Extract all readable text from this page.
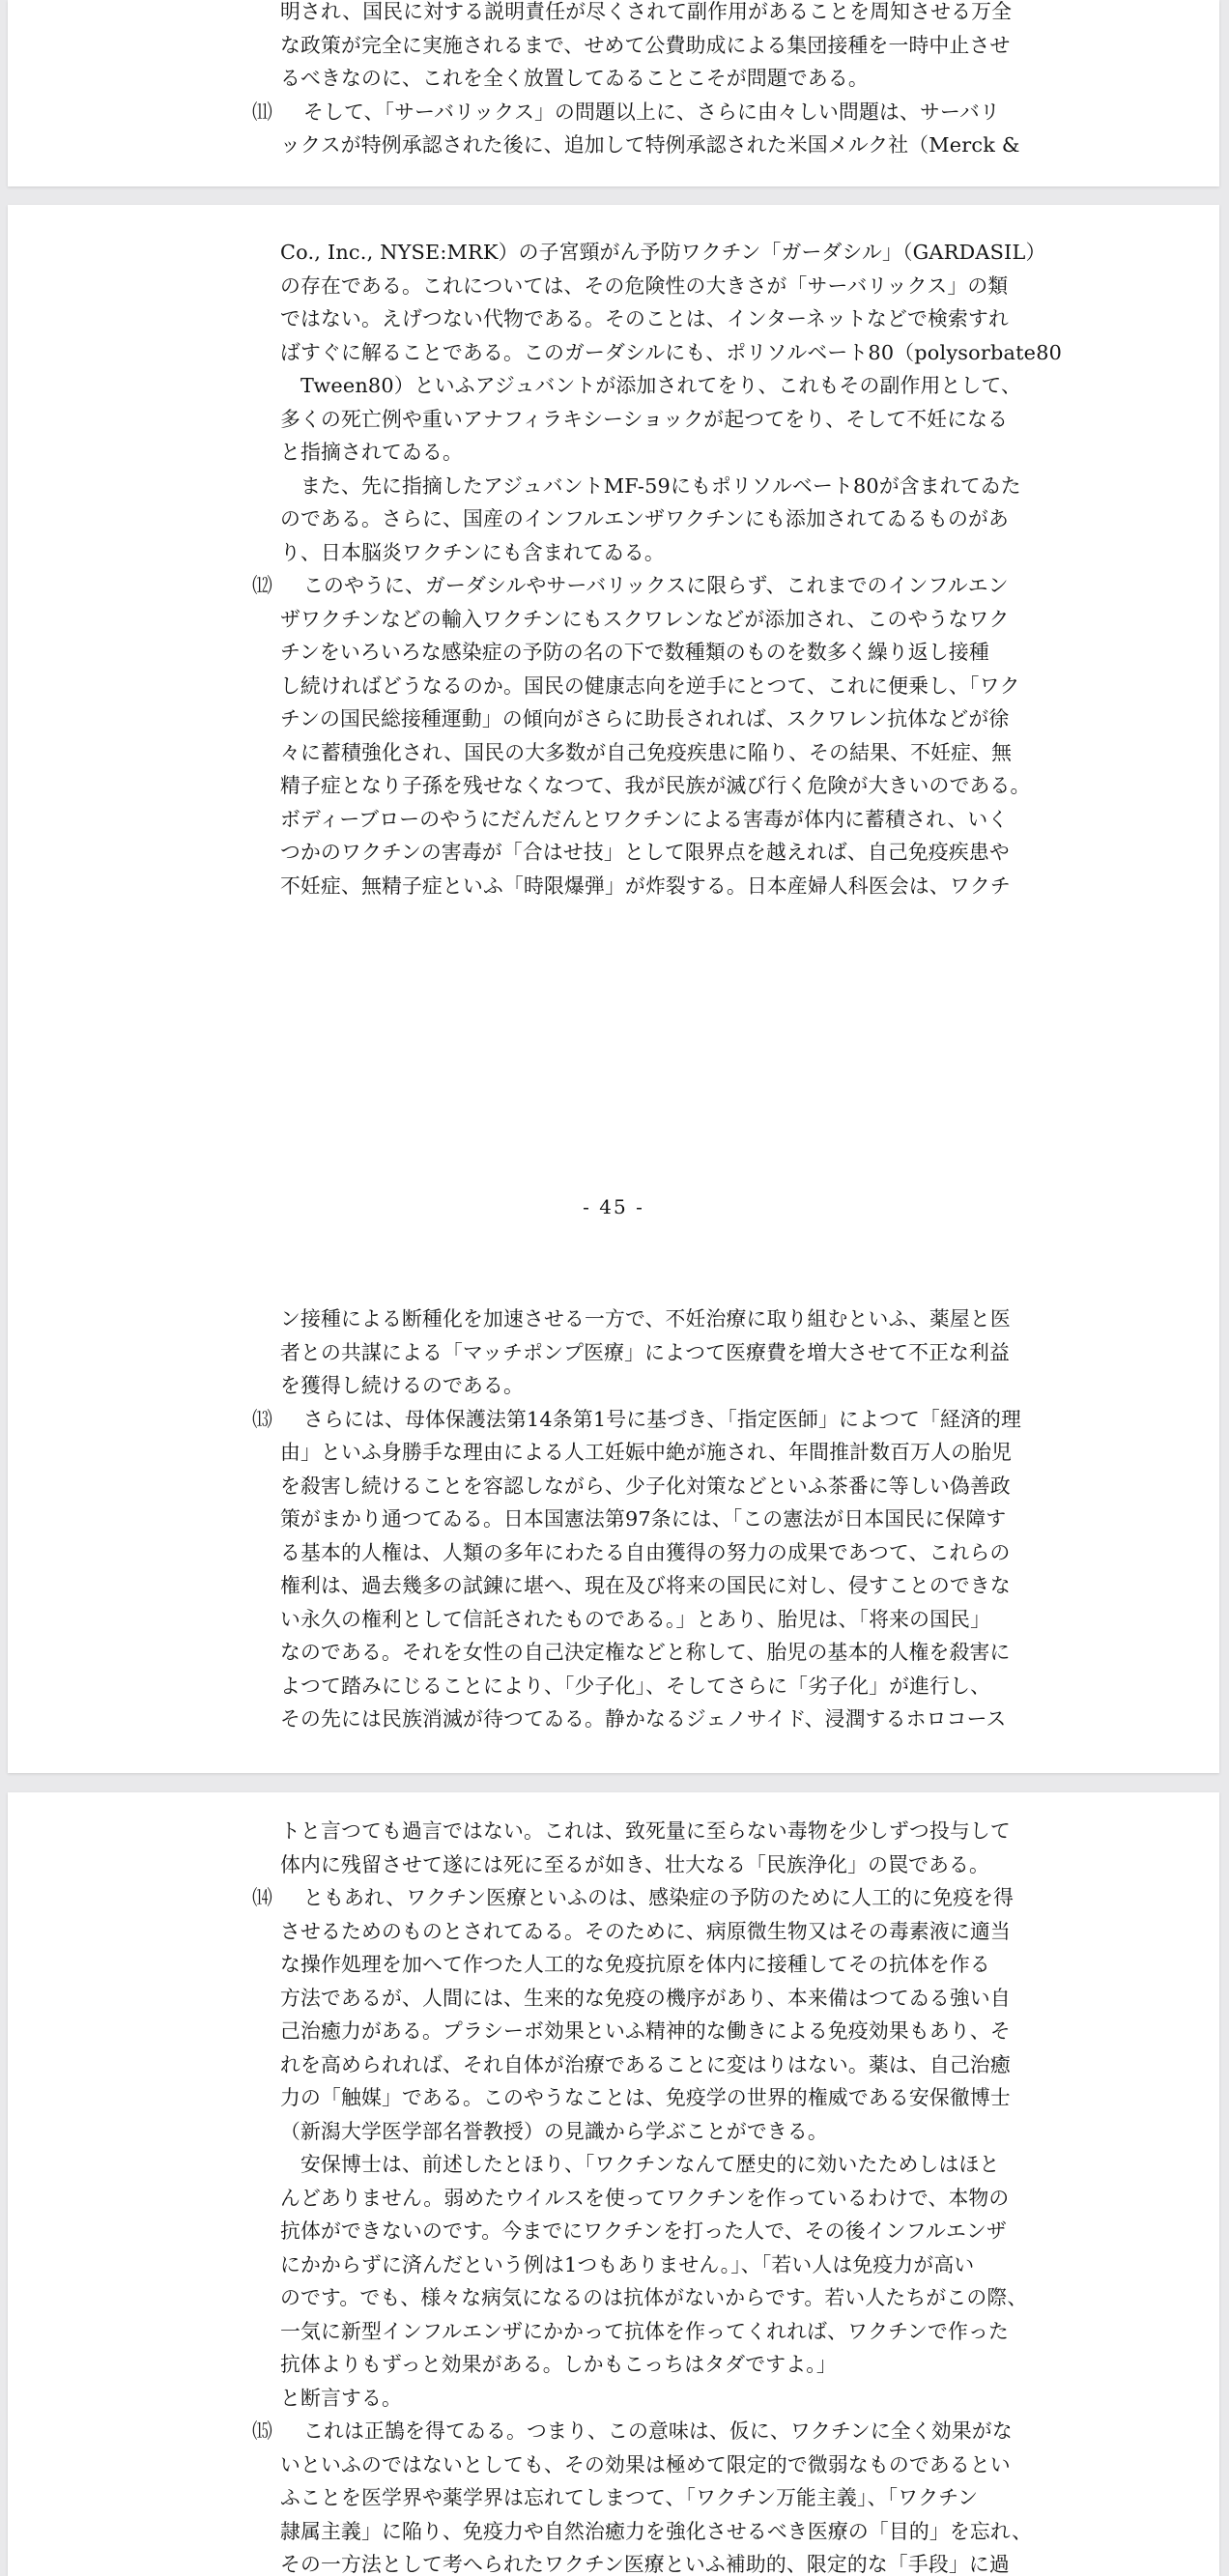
明され、国民に対する説明責任が尽くされて副作用があることを周知させる万全
な政策が完全に実施されるまで、せめて公費助成による集団接種を一時中止させ
るべきなのに、これを全く放置してゐることこそが問題である。
⑾ そして、「サーバリックス」の問題以上に、さらに由々しい問題は、サーバリ
ックスが特例承認された後に、追加して特例承認された米国メルク社（Merck &
Co., Inc., NYSE:MRK）の子宮頸がん予防ワクチン「ガーダシル」（GARDASIL）
の存在である。これについては、その危険性の大きさが「サーバリックス」の類
ではない。えげつない代物である。そのことは、インターネットなどで検索すれ
ばすぐに解ることである。このガーダシルにも、ポリソルベート80（polysorbate80
　Tween80）といふアジュバントが添加されてをり、これもその副作用として、
多くの死亡例や重いアナフィラキシーショックが起つてをり、そして不妊になる
と指摘されてゐる。
　また、先に指摘したアジュバントMF-59にもポリソルベート80が含まれてゐた
のである。さらに、国産のインフルエンザワクチンにも添加されてゐるものがあ
り、日本脳炎ワクチンにも含まれてゐる。
⑿ このやうに、ガーダシルやサーバリックスに限らず、これまでのインフルエン
ザワクチンなどの輸入ワクチンにもスクワレンなどが添加され、このやうなワク
チンをいろいろな感染症の予防の名の下で数種類のものを数多く繰り返し接種
し続ければどうなるのか。国民の健康志向を逆手にとつて、これに便乗し、「ワク
チンの国民総接種運動」の傾向がさらに助長されれば、スクワレン抗体などが徐
々に蓄積強化され、国民の大多数が自己免疫疾患に陥り、その結果、不妊症、無
精子症となり子孫を残せなくなつて、我が民族が滅び行く危険が大きいのである。
ボディーブローのやうにだんだんとワクチンによる害毒が体内に蓄積され、いく
つかのワクチンの害毒が「合はせ技」として限界点を越えれば、自己免疫疾患や
不妊症、無精子症といふ「時限爆弾」が炸裂する。日本産婦人科医会は、ワクチ
- 45 -
ン接種による断種化を加速させる一方で、不妊治療に取り組むといふ、薬屋と医
者との共謀による「マッチポンプ医療」によつて医療費を増大させて不正な利益
を獲得し続けるのである。
⒀ さらには、母体保護法第14条第1号に基づき、「指定医師」によつて「経済的理
由」といふ身勝手な理由による人工妊娠中絶が施され、年間推計数百万人の胎児
を殺害し続けることを容認しながら、少子化対策などといふ茶番に等しい偽善政
策がまかり通つてゐる。日本国憲法第97条には、「この憲法が日本国民に保障す
る基本的人権は、人類の多年にわたる自由獲得の努力の成果であつて、これらの
権利は、過去幾多の試錬に堪へ、現在及び将来の国民に対し、侵すことのできな
い永久の権利として信託されたものである。」とあり、胎児は、「将来の国民」
なのである。それを女性の自己決定権などと称して、胎児の基本的人権を殺害に
よつて踏みにじることにより、「少子化」、そしてさらに「劣子化」が進行し、
その先には民族消滅が待つてゐる。静かなるジェノサイド、浸潤するホロコース
トと言つても過言ではない。これは、致死量に至らない毒物を少しずつ投与して
体内に残留させて遂には死に至るが如き、壮大なる「民族浄化」の罠である。
⒁ ともあれ、ワクチン医療といふのは、感染症の予防のために人工的に免疫を得
させるためのものとされてゐる。そのために、病原微生物又はその毒素液に適当
な操作処理を加へて作つた人工的な免疫抗原を体内に接種してその抗体を作る
方法であるが、人間には、生来的な免疫の機序があり、本来備はつてゐる強い自
己治癒力がある。プラシーボ効果といふ精神的な働きによる免疫効果もあり、そ
れを高められれば、それ自体が治療であることに変はりはない。薬は、自己治癒
力の「触媒」である。このやうなことは、免疫学の世界的権威である安保徹博士
（新潟大学医学部名誉教授）の見識から学ぶことができる。
　安保博士は、前述したとほり、「ワクチンなんて歴史的に効いたためしはほと
んどありません。弱めたウイルスを使ってワクチンを作っているわけで、本物の
抗体ができないのです。今までにワクチンを打った人で、その後インフルエンザ
にかからずに済んだという例は1つもありません。」、「若い人は免疫力が高い
のです。でも、様々な病気になるのは抗体がないからです。若い人たちがこの際、
一気に新型インフルエンザにかかって抗体を作ってくれれば、ワクチンで作った
抗体よりもずっと効果がある。しかもこっちはタダですよ。」
と断言する。
⒂ これは正鵠を得てゐる。つまり、この意味は、仮に、ワクチンに全く効果がな
いといふのではないとしても、その効果は極めて限定的で微弱なものであるとい
ふことを医学界や薬学界は忘れてしまつて、「ワクチン万能主義」、「ワクチン
隷属主義」に陥り、免疫力や自然治癒力を強化させるべき医療の「目的」を忘れ、
その一方法として考へられたワクチン医療といふ補助的、限定的な「手段」に過
